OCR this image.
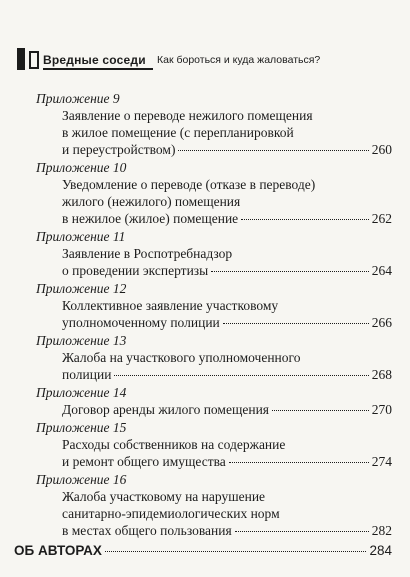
Вредные соседи Как бороться и куда жаловаться?
Приложение 9
Заявление о переводе нежилого помещения
в жилое помещение (с перепланировкой
и переустройством)	260
Приложение 10
Уведомление о переводе (отказе в переводе)
жилого (нежилого) помещения
в нежилое (жилое) помещение	262
Приложение 11
Заявление в Роспотребнадзор
о проведении экспертизы	264
Приложение 12
Коллективное заявление участковому
уполномоченному полиции	266
Приложение 13
Жалоба на участкового уполномоченного
полиции	268
Приложение 14
Договор аренды жилого помещения	270
Приложение 15
Расходы собственников на содержание
и ремонт общего имущества	274
Приложение 16
Жалоба участковому на нарушение
санитарно-эпидемиологических норм
в местах общего пользования	282
ОБ АВТОРАХ	284
